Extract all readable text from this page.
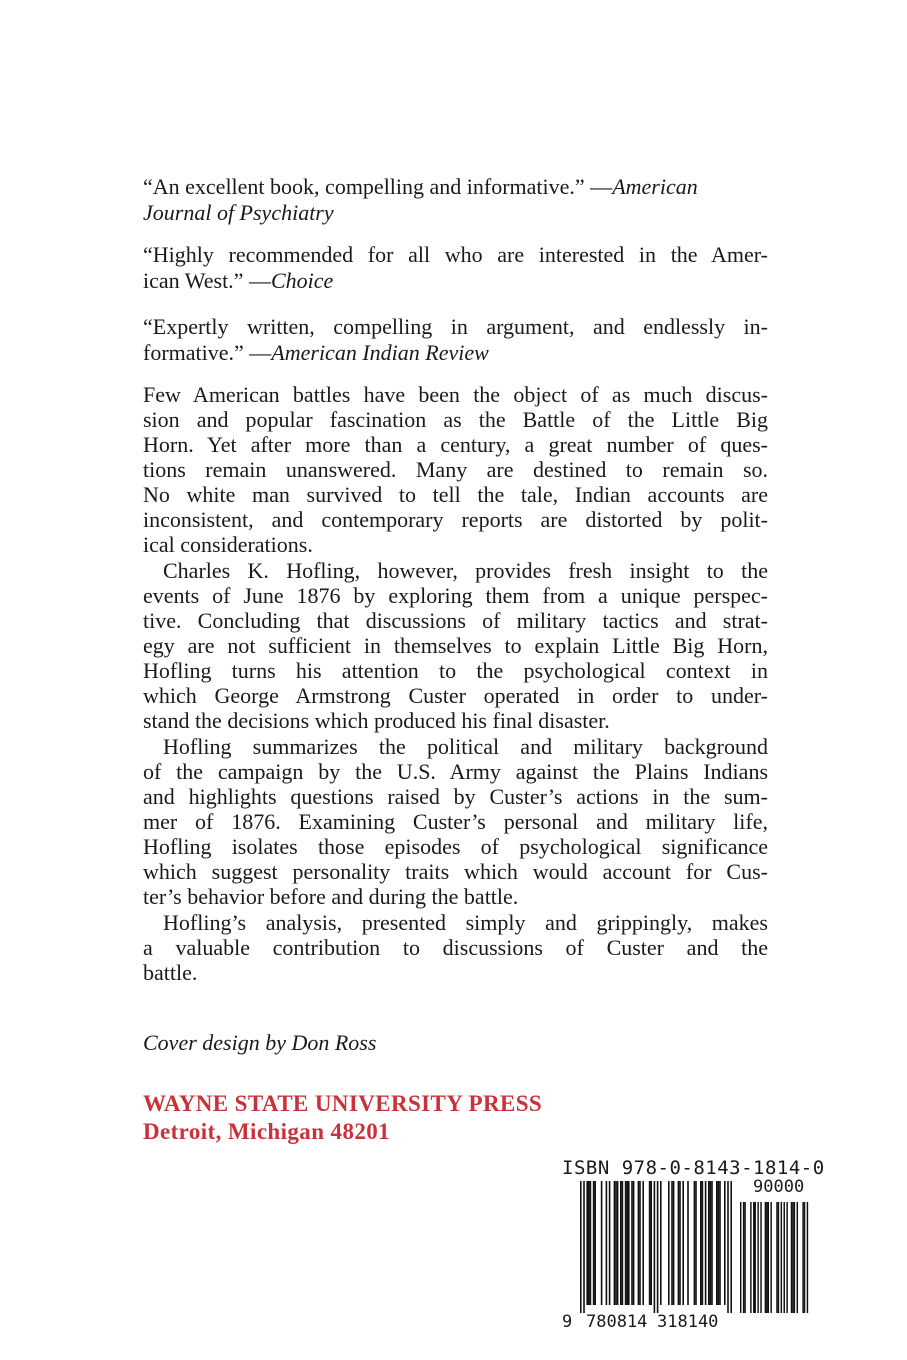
“An excellent book, compelling and informative.” —American
Journal of Psychiatry
“Highly recommended for all who are interested in the Amer-
ican West.” —Choice
“Expertly written, compelling in argument, and endlessly in-
formative.” —American Indian Review
Few American battles have been the object of as much discus-
sion and popular fascination as the Battle of the Little Big
Horn. Yet after more than a century, a great number of ques-
tions remain unanswered. Many are destined to remain so.
No white man survived to tell the tale, Indian accounts are
inconsistent, and contemporary reports are distorted by polit-
ical considerations.
Charles K. Hofling, however, provides fresh insight to the
events of June 1876 by exploring them from a unique perspec-
tive. Concluding that discussions of military tactics and strat-
egy are not sufficient in themselves to explain Little Big Horn,
Hofling turns his attention to the psychological context in
which George Armstrong Custer operated in order to under-
stand the decisions which produced his final disaster.
Hofling summarizes the political and military background
of the campaign by the U.S. Army against the Plains Indians
and highlights questions raised by Custer’s actions in the sum-
mer of 1876. Examining Custer’s personal and military life,
Hofling isolates those episodes of psychological significance
which suggest personality traits which would account for Cus-
ter’s behavior before and during the battle.
Hofling’s analysis, presented simply and grippingly, makes
a valuable contribution to discussions of Custer and the
battle.
Cover design by Don Ross
WAYNE STATE UNIVERSITY PRESS
Detroit, Michigan 48201
ISBN 978-0-8143-1814-0
90000
9 780814 318140
